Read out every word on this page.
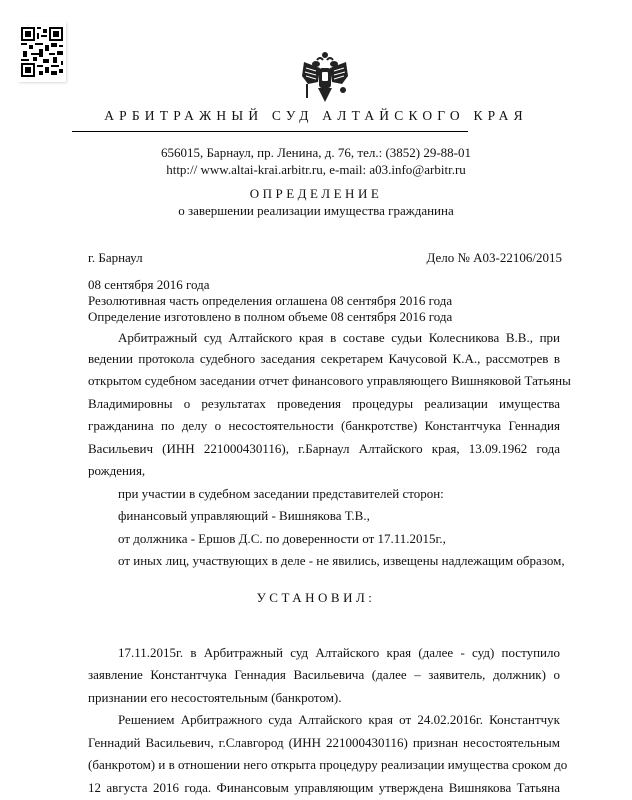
АРБИТРАЖНЫЙ СУД АЛТАЙСКОГО КРАЯ
656015, Барнаул, пр. Ленина, д. 76, тел.: (3852) 29-88-01
http:// www.altai-krai.arbitr.ru, e-mail: a03.info@arbitr.ru
ОПРЕДЕЛЕНИЕ
о завершении реализации имущества гражданина
г. Барнаул	Дело № А03-22106/2015
08 сентября 2016 года
Резолютивная часть определения оглашена 08 сентября 2016 года
Определение изготовлено в полном объеме 08 сентября 2016 года
Арбитражный суд Алтайского края в составе судьи Колесникова В.В., при
ведении протокола судебного заседания секретарем Качусовой К.А., рассмотрев в
открытом судебном заседании отчет финансового управляющего Вишняковой Татьяны
Владимировны о результатах проведения процедуры реализации имущества
гражданина по делу о несостоятельности (банкротстве) Константчука Геннадия
Васильевич (ИНН 221000430116), г.Барнаул Алтайского края, 13.09.1962 года
рождения,
при участии в судебном заседании представителей сторон:
финансовый управляющий - Вишнякова Т.В.,
от должника - Ершов Д.С. по доверенности от 17.11.2015г.,
от иных лиц, участвующих в деле - не явились, извещены надлежащим образом,
УСТАНОВИЛ:
17.11.2015г. в Арбитражный суд Алтайского края (далее - суд) поступило
заявление Константчука Геннадия Васильевича (далее – заявитель, должник) о
признании его несостоятельным (банкротом).
Решением Арбитражного суда Алтайского края от 24.02.2016г. Константчук
Геннадий Васильевич, г.Славгород (ИНН 221000430116) признан несостоятельным
(банкротом) и в отношении него открыта процедуру реализации имущества сроком до
12 августа 2016 года. Финансовым управляющим утверждена Вишнякова Татьяна
